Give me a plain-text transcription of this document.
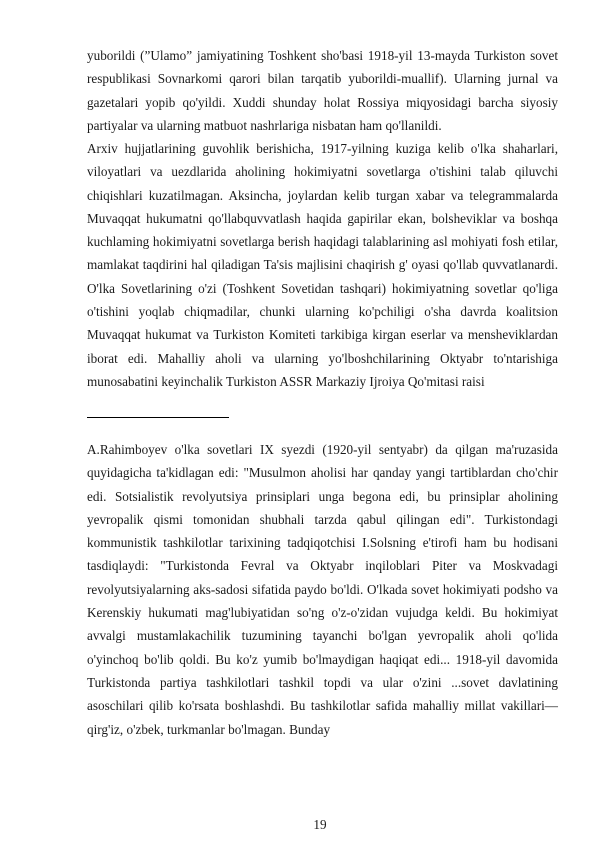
yuborildi (”Ulamo” jamiyatining Toshkent sho'basi 1918-yil 13-mayda Turkiston sovet respublikasi Sovnarkomi qarori bilan tarqatib yuborildi-muallif). Ularning jurnal va gazetalari yopib qo'yildi. Xuddi shunday holat Rossiya miqyosidagi barcha siyosiy partiyalar va ularning matbuot nashrlariga nisbatan ham qo'llanildi.

Arxiv hujjatlarining guvohlik berishicha, 1917-yilning kuziga kelib o'lka shaharlari, viloyatlari va uezdlarida aholining hokimiyatni sovetlarga o'tishini talab qiluvchi chiqishlari kuzatilmagan. Aksincha, joylardan kelib turgan xabar va telegrammalarda Muvaqqat hukumatni qo'llabquvvatlash haqida gapirilar ekan, bolsheviklar va boshqa kuchlaming hokimiyatni sovetlarga berish haqidagi talablarining asl mohiyati fosh etilar, mamlakat taqdirini hal qiladigan Ta'sis majlisini chaqirish g' oyasi qo'llab quvvatlanardi. O'lka Sovetlarining o'zi (Toshkent Sovetidan tashqari) hokimiyatning sovetlar qo'liga o'tishini yoqlab chiqmadilar, chunki ularning ko'pchiligi o'sha davrda koalitsion Muvaqqat hukumat va Turkiston Komiteti tarkibiga kirgan eserlar va mensheviklardan iborat edi. Mahalliy aholi va ularning yo'lboshchilarining Oktyabr to'ntarishiga munosabatini keyinchalik Turkiston ASSR Markaziy Ijroiya Qo'mitasi raisi

A.Rahimboyev o'lka sovetlari IX syezdi (1920-yil sentyabr) da qilgan ma'ruzasida quyidagicha ta'kidlagan edi: "Musulmon aholisi har qanday yangi tartiblardan cho'chir edi. Sotsialistik revolyutsiya prinsiplari unga begona edi, bu prinsiplar aholining yevropalik qismi tomonidan shubhali tarzda qabul qilingan edi". Turkistondagi kommunistik tashkilotlar tarixining tadqiqotchisi I.Solsning e'tirofi ham bu hodisani tasdiqlaydi: "Turkistonda Fevral va Oktyabr inqiloblari Piter va Moskvadagi revolyutsiyalarning aks-sadosi sifatida paydo bo'ldi. O'lkada sovet hokimiyati podsho va Kerenskiy hukumati mag'lubiyatidan so'ng o'z-o'zidan vujudga keldi. Bu hokimiyat avvalgi mustamlakachilik tuzumining tayanchi bo'lgan yevropalik aholi qo'lida o'yinchoq bo'lib qoldi. Bu ko'z yumib bo'lmaydigan haqiqat edi... 1918-yil davomida Turkistonda partiya tashkilotlari tashkil topdi va ular o'zini ...sovet davlatining asoschilari qilib ko'rsata boshlashdi. Bu tashkilotlar safida mahalliy millat vakillari—qirg'iz, o'zbek, turkmanlar bo'lmagan. Bunday

19
